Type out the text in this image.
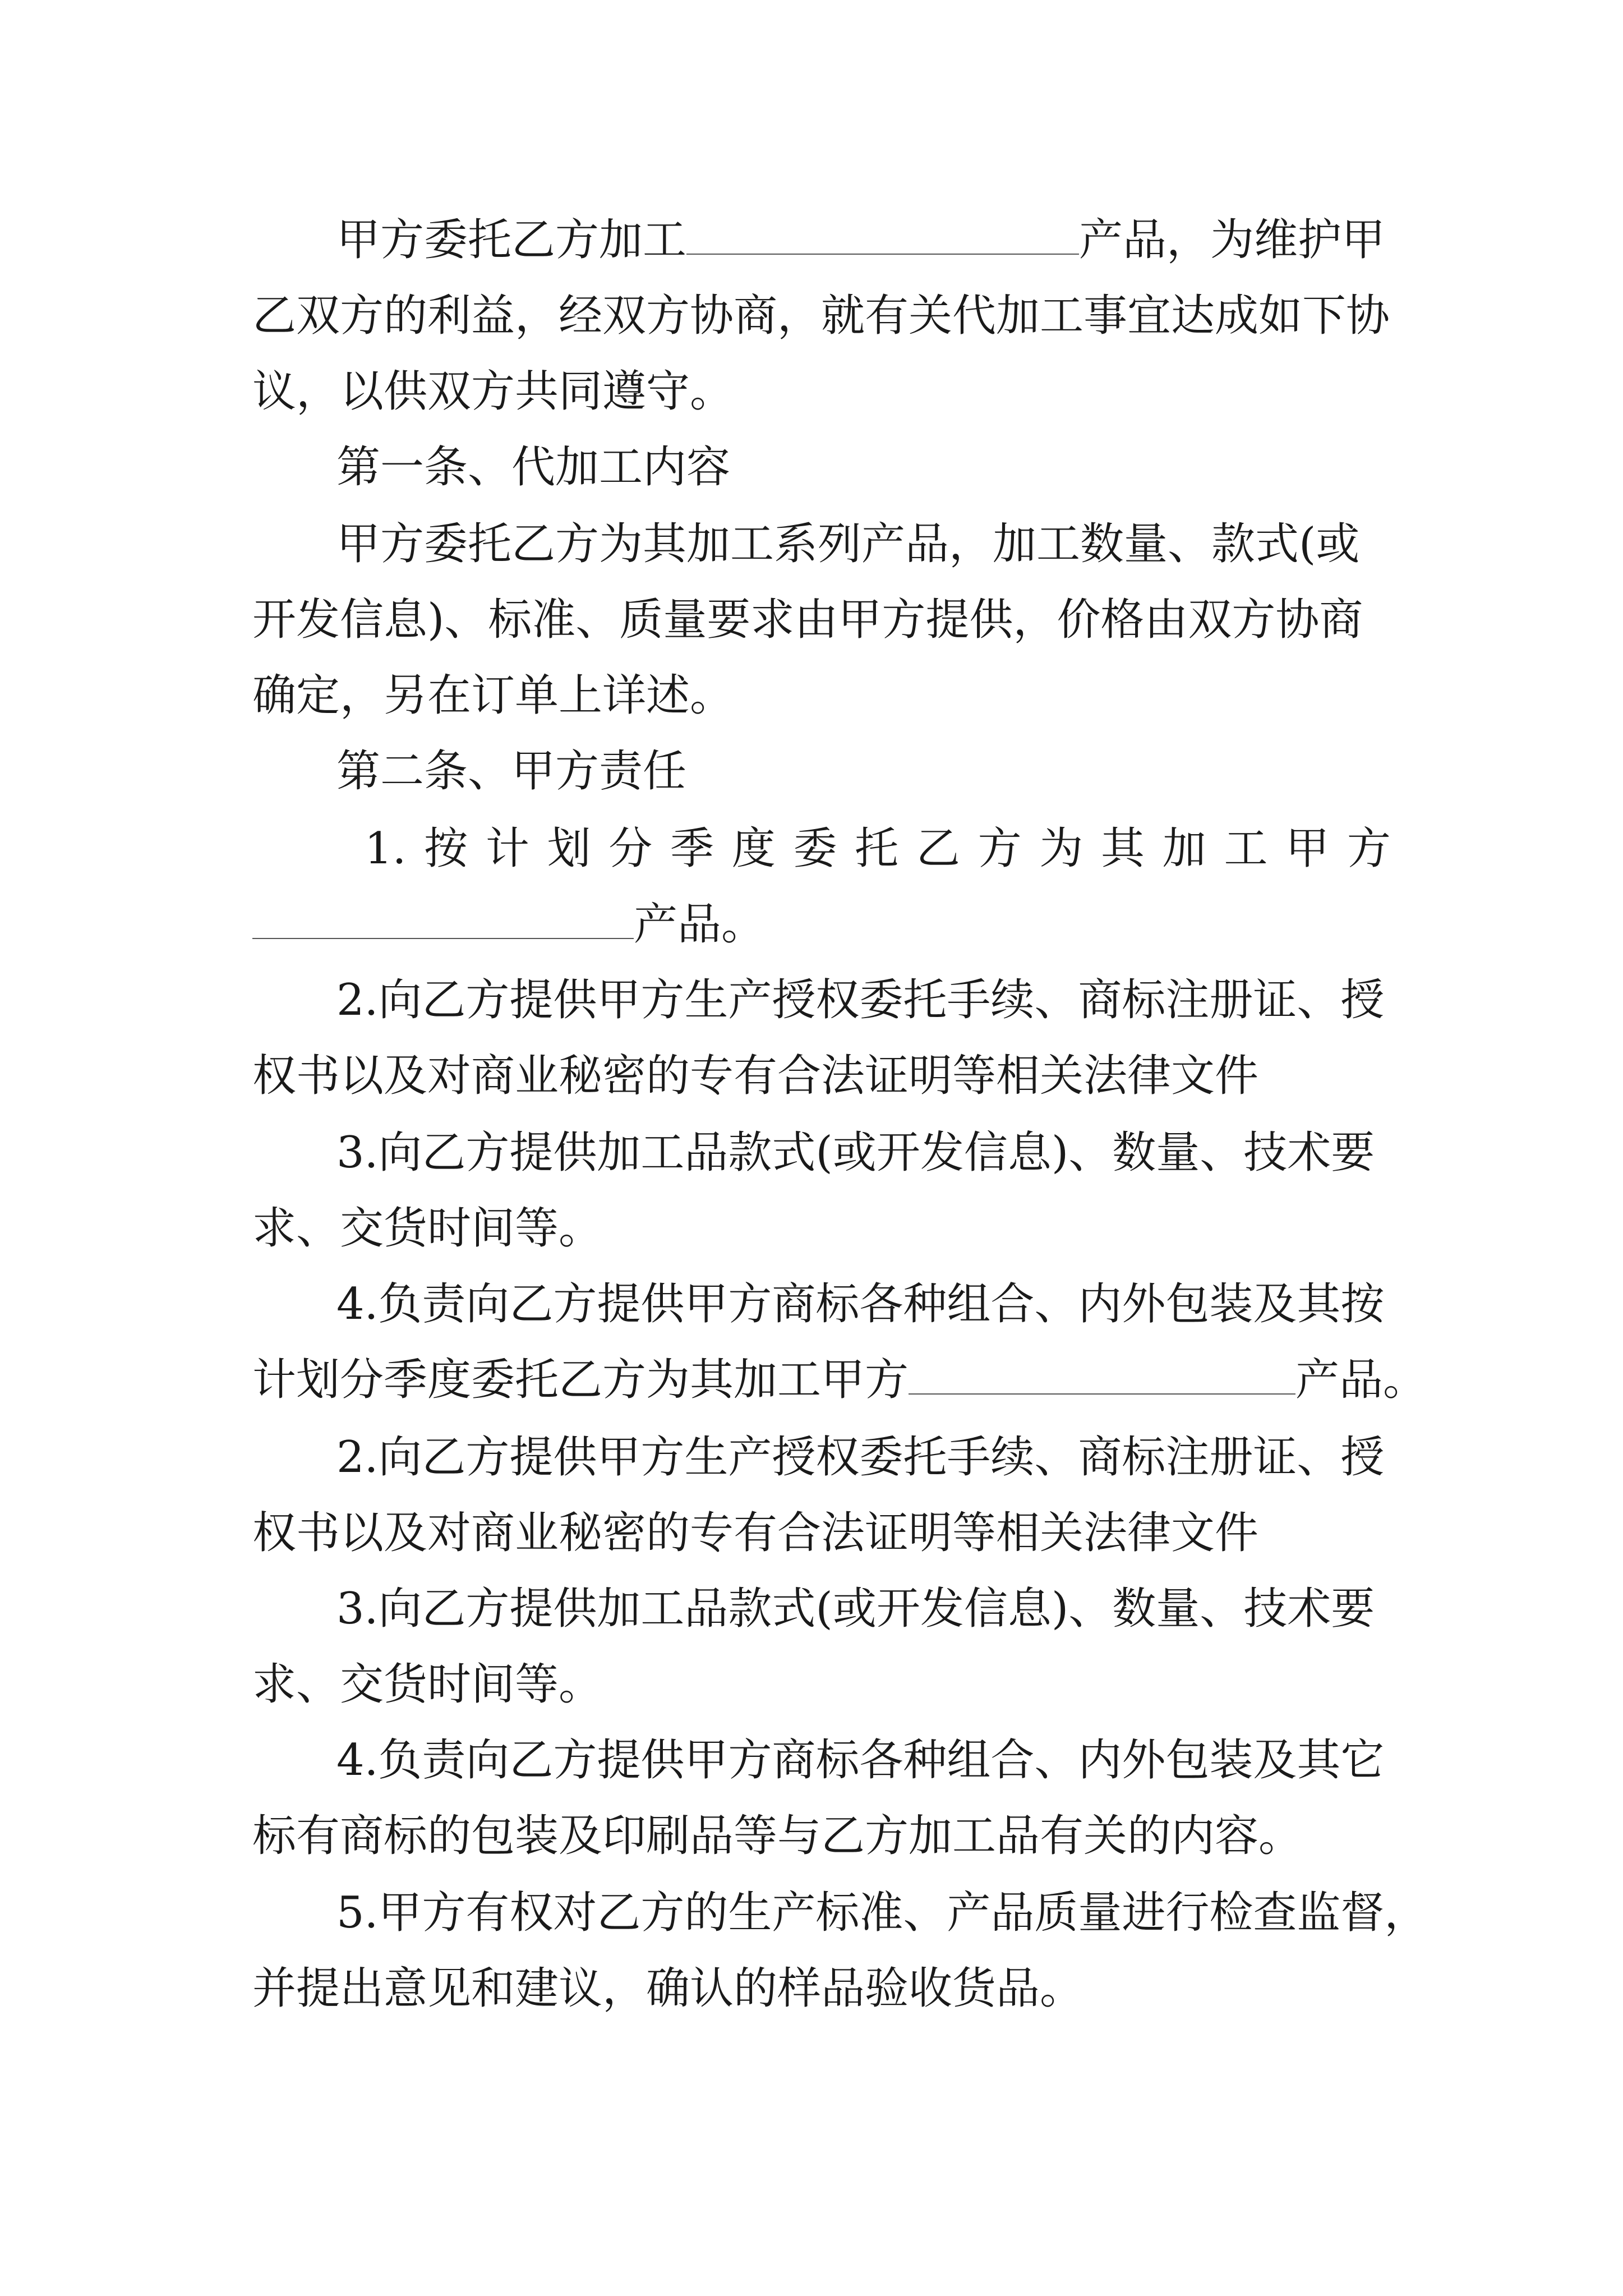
甲方委托乙方加工	产品，为维护甲
乙双方的利益，经双方协商，就有关代加工事宜达成如下协
议，以供双方共同遵守。
第一条、代加工内容
甲方委托乙方为其加工系列产品，加工数量、款式(或
开发信息)、标准、质量要求由甲方提供，价格由双方协商
确定，另在订单上详述。
第二条、甲方责任
1. 按 计 划 分 季 度 委 托 乙 方 为 其 加 工 甲 方
产品。
2.向乙方提供甲方生产授权委托手续、商标注册证、授
权书以及对商业秘密的专有合法证明等相关法律文件
3.向乙方提供加工品款式(或开发信息)、数量、技术要
求、交货时间等。
4.负责向乙方提供甲方商标各种组合、内外包装及其按
计划分季度委托乙方为其加工甲方	产品。
2.向乙方提供甲方生产授权委托手续、商标注册证、授
权书以及对商业秘密的专有合法证明等相关法律文件
3.向乙方提供加工品款式(或开发信息)、数量、技术要
求、交货时间等。
4.负责向乙方提供甲方商标各种组合、内外包装及其它
标有商标的包装及印刷品等与乙方加工品有关的内容。
5.甲方有权对乙方的生产标准、产品质量进行检查监督，
并提出意见和建议，确认的样品验收货品。
